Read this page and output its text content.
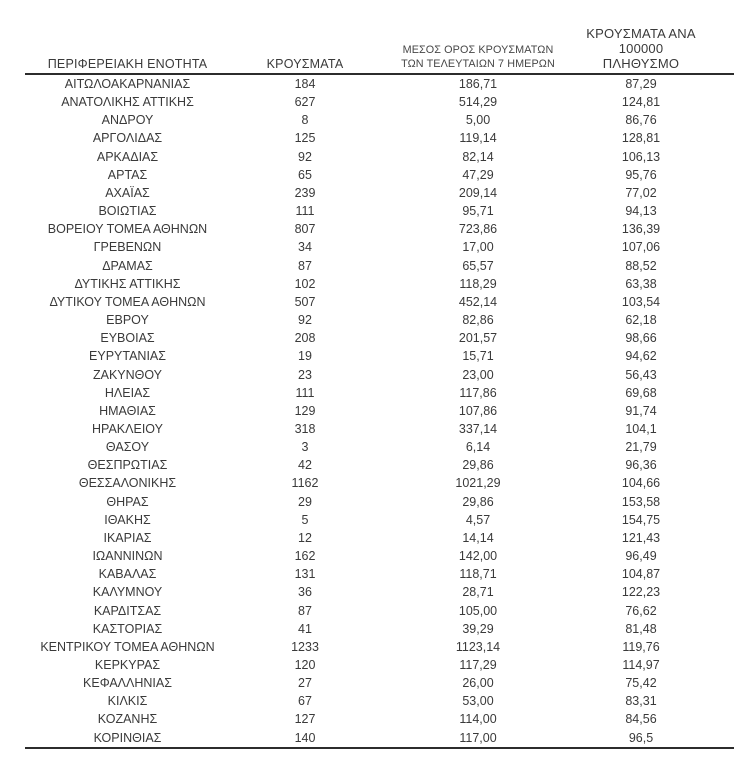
ΠΕΡΙΦΕΡΕΙΑΚΗ ΕΝΟΤΗΤΑ	ΚΡΟΥΣΜΑΤΑ	ΜΕΣΟΣ ΟΡΟΣ ΚΡΟΥΣΜΑΤΩΝ
ΤΩΝ ΤΕΛΕΥΤΑΙΩΝ 7 ΗΜΕΡΩΝ	ΚΡΟΥΣΜΑΤΑ ΑΝΑ 100000
ΠΛΗΘΥΣΜΟ

ΑΙΤΩΛΟΑΚΑΡΝΑΝΙΑΣ	184	186,71	87,29
ΑΝΑΤΟΛΙΚΗΣ ΑΤΤΙΚΗΣ	627	514,29	124,81
ΑΝΔΡΟΥ	8	5,00	86,76
ΑΡΓΟΛΙΔΑΣ	125	119,14	128,81
ΑΡΚΑΔΙΑΣ	92	82,14	106,13
ΑΡΤΑΣ	65	47,29	95,76
ΑΧΑΪΑΣ	239	209,14	77,02
ΒΟΙΩΤΙΑΣ	111	95,71	94,13
ΒΟΡΕΙΟΥ ΤΟΜΕΑ ΑΘΗΝΩΝ	807	723,86	136,39
ΓΡΕΒΕΝΩΝ	34	17,00	107,06
ΔΡΑΜΑΣ	87	65,57	88,52
ΔΥΤΙΚΗΣ ΑΤΤΙΚΗΣ	102	118,29	63,38
ΔΥΤΙΚΟΥ ΤΟΜΕΑ ΑΘΗΝΩΝ	507	452,14	103,54
ΕΒΡΟΥ	92	82,86	62,18
ΕΥΒΟΙΑΣ	208	201,57	98,66
ΕΥΡΥΤΑΝΙΑΣ	19	15,71	94,62
ΖΑΚΥΝΘΟΥ	23	23,00	56,43
ΗΛΕΙΑΣ	111	117,86	69,68
ΗΜΑΘΙΑΣ	129	107,86	91,74
ΗΡΑΚΛΕΙΟΥ	318	337,14	104,1
ΘΑΣΟΥ	3	6,14	21,79
ΘΕΣΠΡΩΤΙΑΣ	42	29,86	96,36
ΘΕΣΣΑΛΟΝΙΚΗΣ	1162	1021,29	104,66
ΘΗΡΑΣ	29	29,86	153,58
ΙΘΑΚΗΣ	5	4,57	154,75
ΙΚΑΡΙΑΣ	12	14,14	121,43
ΙΩΑΝΝΙΝΩΝ	162	142,00	96,49
ΚΑΒΑΛΑΣ	131	118,71	104,87
ΚΑΛΥΜΝΟΥ	36	28,71	122,23
ΚΑΡΔΙΤΣΑΣ	87	105,00	76,62
ΚΑΣΤΟΡΙΑΣ	41	39,29	81,48
ΚΕΝΤΡΙΚΟΥ ΤΟΜΕΑ ΑΘΗΝΩΝ	1233	1123,14	119,76
ΚΕΡΚΥΡΑΣ	120	117,29	114,97
ΚΕΦΑΛΛΗΝΙΑΣ	27	26,00	75,42
ΚΙΛΚΙΣ	67	53,00	83,31
ΚΟΖΑΝΗΣ	127	114,00	84,56
ΚΟΡΙΝΘΙΑΣ	140	117,00	96,5
